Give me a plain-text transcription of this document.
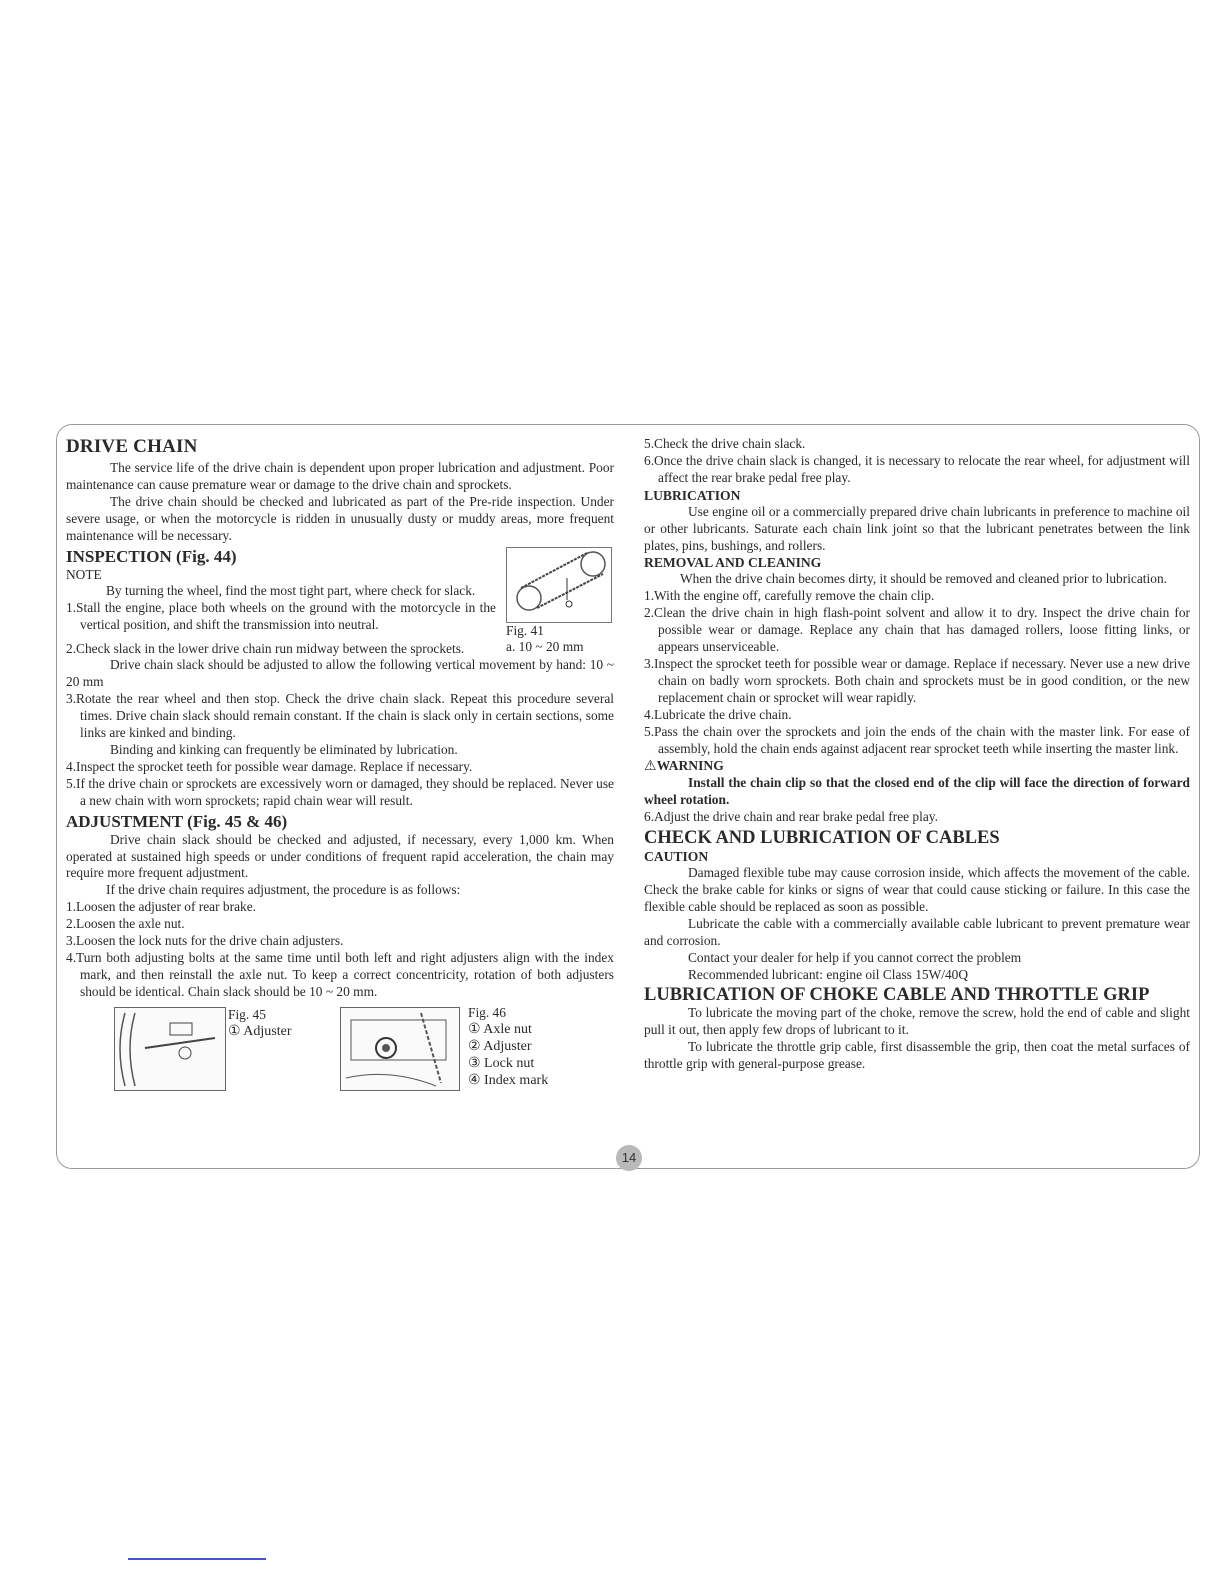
DRIVE CHAIN

The service life of the drive chain is dependent upon proper lubrication and adjustment. Poor maintenance can cause premature wear or damage to the drive chain and sprockets.

The drive chain should be checked and lubricated as part of the Pre-ride inspection. Under severe usage, or when the motorcycle is ridden in unusually dusty or muddy areas, more frequent maintenance will be necessary.

Fig. 41
a. 10 ~ 20 mm
INSPECTION (Fig. 44)

NOTE

By turning the wheel, find the most tight part, where check for slack.

1.Stall the engine, place both wheels on the ground with the motorcycle in the vertical position, and shift the transmission into neutral.

2.Check slack in the lower drive chain run midway between the sprockets.

Drive chain slack should be adjusted to allow the following vertical movement by hand: 10 ~ 20 mm

3.Rotate the rear wheel and then stop. Check the drive chain slack. Repeat this procedure several times. Drive chain slack should remain constant. If the chain is slack only in certain sections, some links are kinked and binding.

Binding and kinking can frequently be eliminated by lubrication.

4.Inspect the sprocket teeth for possible wear damage. Replace if necessary.

5.If the drive chain or sprockets are excessively worn or damaged, they should be replaced. Never use a new chain with worn sprockets; rapid chain wear will result.

ADJUSTMENT (Fig. 45 & 46)

Drive chain slack should be checked and adjusted, if necessary, every 1,000 km. When operated at sustained high speeds or under conditions of frequent rapid acceleration, the chain may require more frequent adjustment.

If the drive chain requires adjustment, the procedure is as follows:

1.Loosen the adjuster of rear brake.

2.Loosen the axle nut.

3.Loosen the lock nuts for the drive chain adjusters.

4.Turn both adjusting bolts at the same time until both left and right adjusters align with the index mark, and then reinstall the axle nut. To keep a correct concentricity, rotation of both adjusters should be identical. Chain slack should be 10 ~ 20 mm.

Fig. 45
① Adjuster
Fig. 46
① Axle nut
② Adjuster
③ Lock nut
④ Index mark

5.Check the drive chain slack.

6.Once the drive chain slack is changed, it is necessary to relocate the rear wheel, for adjustment will affect the rear brake pedal free play.

LUBRICATION

Use engine oil or a commercially prepared drive chain lubricants in preference to machine oil or other lubricants. Saturate each chain link joint so that the lubricant penetrates between the link plates, pins, bushings, and rollers.

REMOVAL AND CLEANING

When the drive chain becomes dirty, it should be removed and cleaned prior to lubrication.

1.With the engine off, carefully remove the chain clip.

2.Clean the drive chain in high flash-point solvent and allow it to dry. Inspect the drive chain for possible wear or damage. Replace any chain that has damaged rollers, loose fitting links, or appears unserviceable.

3.Inspect the sprocket teeth for possible wear or damage. Replace if necessary. Never use a new drive chain on badly worn sprockets. Both chain and sprockets must be in good condition, or the new replacement chain or sprocket will wear rapidly.

4.Lubricate the drive chain.

5.Pass the chain over the sprockets and join the ends of the chain with the master link. For ease of assembly, hold the chain ends against adjacent rear sprocket teeth while inserting the master link.

⚠WARNING

Install the chain clip so that the closed end of the clip will face the direction of forward wheel rotation.

6.Adjust the drive chain and rear brake pedal free play.

CHECK AND LUBRICATION OF CABLES
CAUTION

Damaged flexible tube may cause corrosion inside, which affects the movement of the cable. Check the brake cable for kinks or signs of wear that could cause sticking or failure. In this case the flexible cable should be replaced as soon as possible.

Lubricate the cable with a commercially available cable lubricant to prevent premature wear and corrosion.

Contact your dealer for help if you cannot correct the problem

Recommended lubricant: engine oil Class 15W/40Q

LUBRICATION OF CHOKE CABLE AND THROTTLE GRIP

To lubricate the moving part of the choke, remove the screw, hold the end of cable and slight pull it out, then apply few drops of lubricant to it.

To lubricate the throttle grip cable, first disassemble the grip, then coat the metal surfaces of throttle grip with general-purpose grease.

14
